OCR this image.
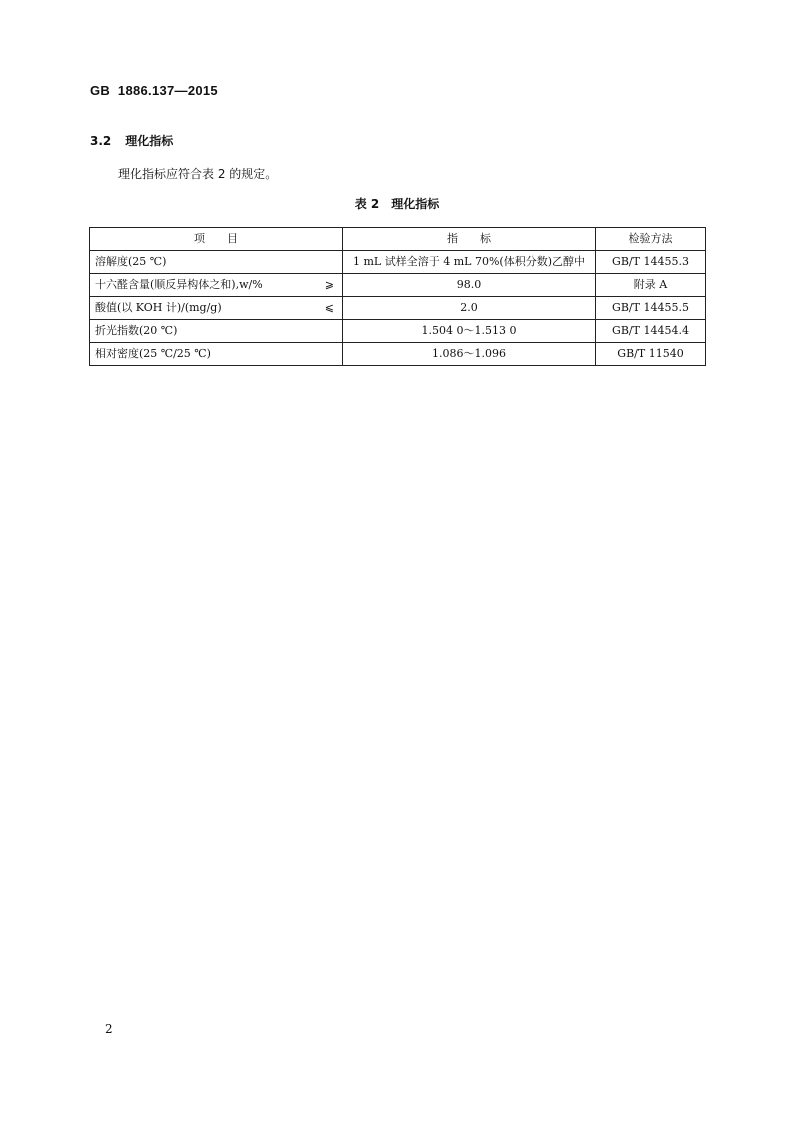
GB  1886.137—2015
3.2 理化指标
理化指标应符合表 2 的规定。
表 2 理化指标
项　　目	指　　标	检验方法
溶解度(25 ℃)	1 mL 试样全溶于 4 mL 70%(体积分数)乙醇中	GB/T 14455.3
十六醛含量(顺反异构体之和),w/% ⩾	98.0	附录 A
酸值(以 KOH 计)/(mg/g) ⩽	2.0	GB/T 14455.5
折光指数(20 ℃)	1.504 0～1.513 0	GB/T 14454.4
相对密度(25 ℃/25 ℃)	1.086～1.096	GB/T 11540
2
